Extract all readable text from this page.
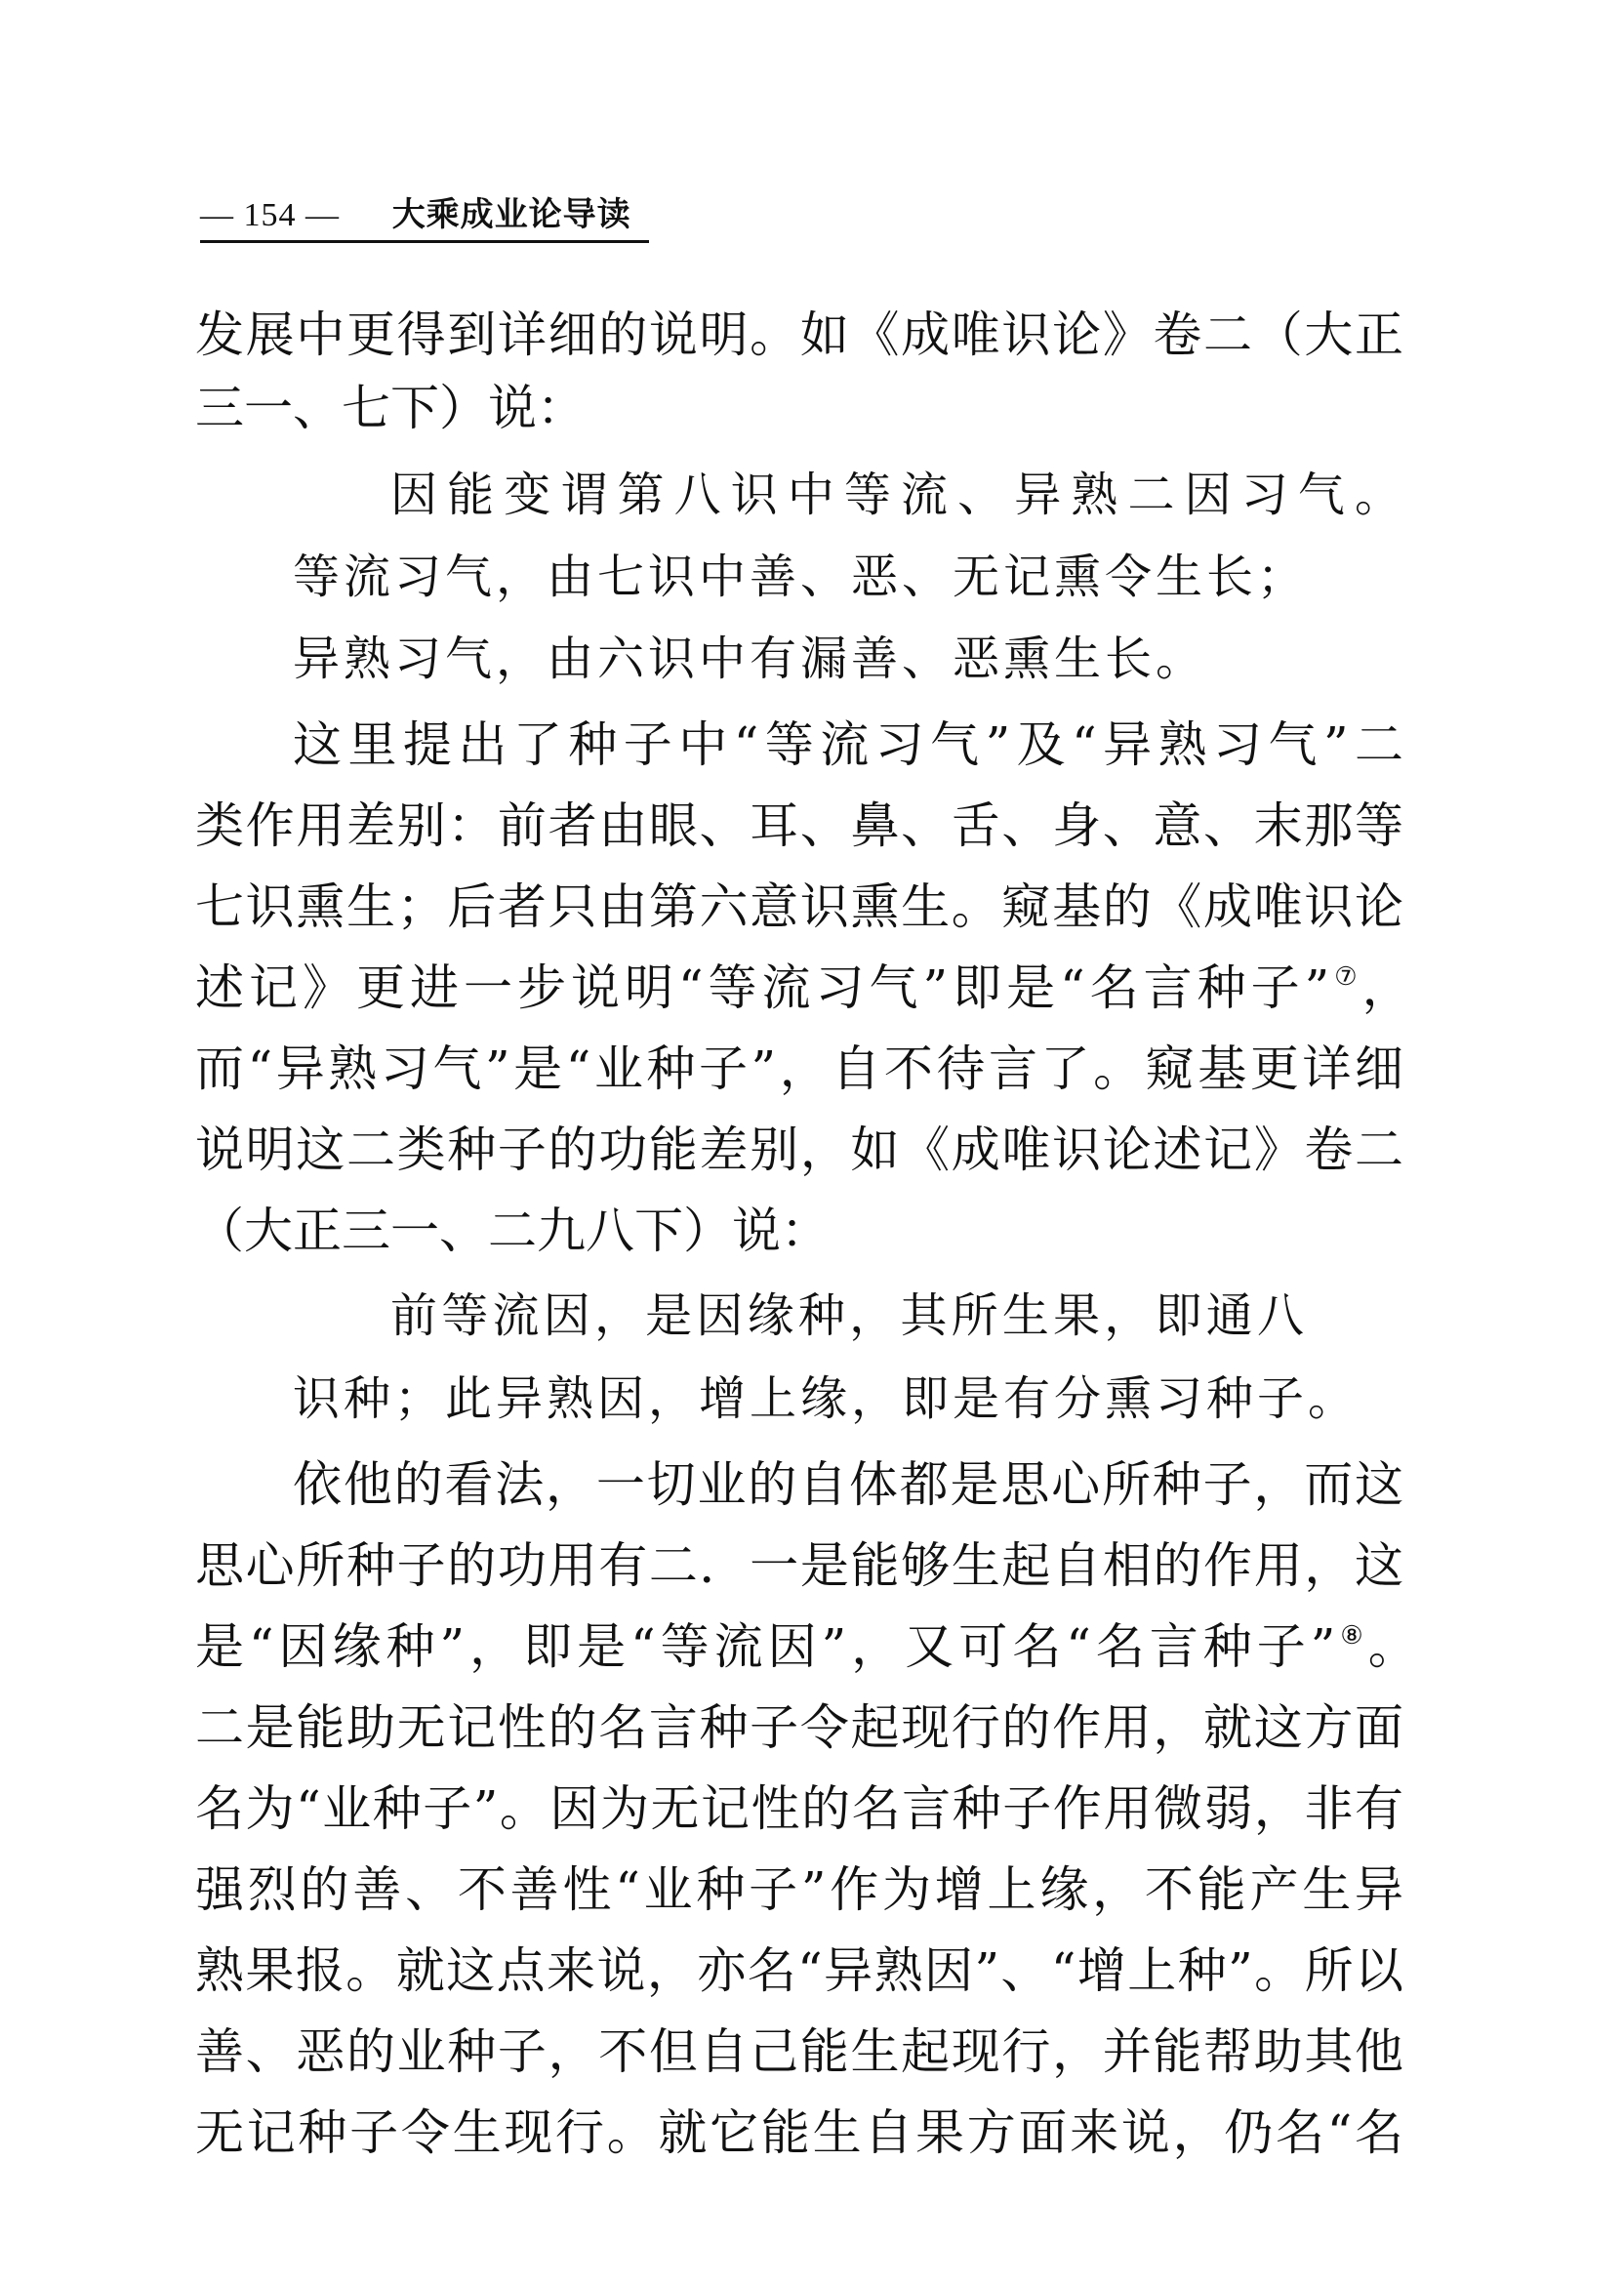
— 154 — 大乘成业论导读
发展中更得到详细的说明。如《成唯识论》卷二（大正
三一、七下）说：
因能变谓第八识中等流、异熟二因习气。
等流习气，由七识中善、恶、无记熏令生长；
异熟习气，由六识中有漏善、恶熏生长。
这里提出了种子中“等流习气”及“异熟习气”二
类作用差别：前者由眼、耳、鼻、舌、身、意、末那等
七识熏生；后者只由第六意识熏生。窥基的《成唯识论
述记》更进一步说明“等流习气”即是“名言种子”⑦，
而“异熟习气”是“业种子”，自不待言了。窥基更详细
说明这二类种子的功能差别，如《成唯识论述记》卷二
（大正三一、二九八下）说：
前等流因，是因缘种，其所生果，即通八
识种；此异熟因，增上缘，即是有分熏习种子。
依他的看法，一切业的自体都是思心所种子，而这
思心所种子的功用有二．一是能够生起自相的作用，这
是“因缘种”，即是“等流因”，又可名“名言种子”⑧。
二是能助无记性的名言种子令起现行的作用，就这方面
名为“业种子”。因为无记性的名言种子作用微弱，非有
强烈的善、不善性“业种子”作为增上缘，不能产生异
熟果报。就这点来说，亦名“异熟因”、“增上种”。所以
善、恶的业种子，不但自己能生起现行，并能帮助其他
无记种子令生现行。就它能生自果方面来说，仍名“名
